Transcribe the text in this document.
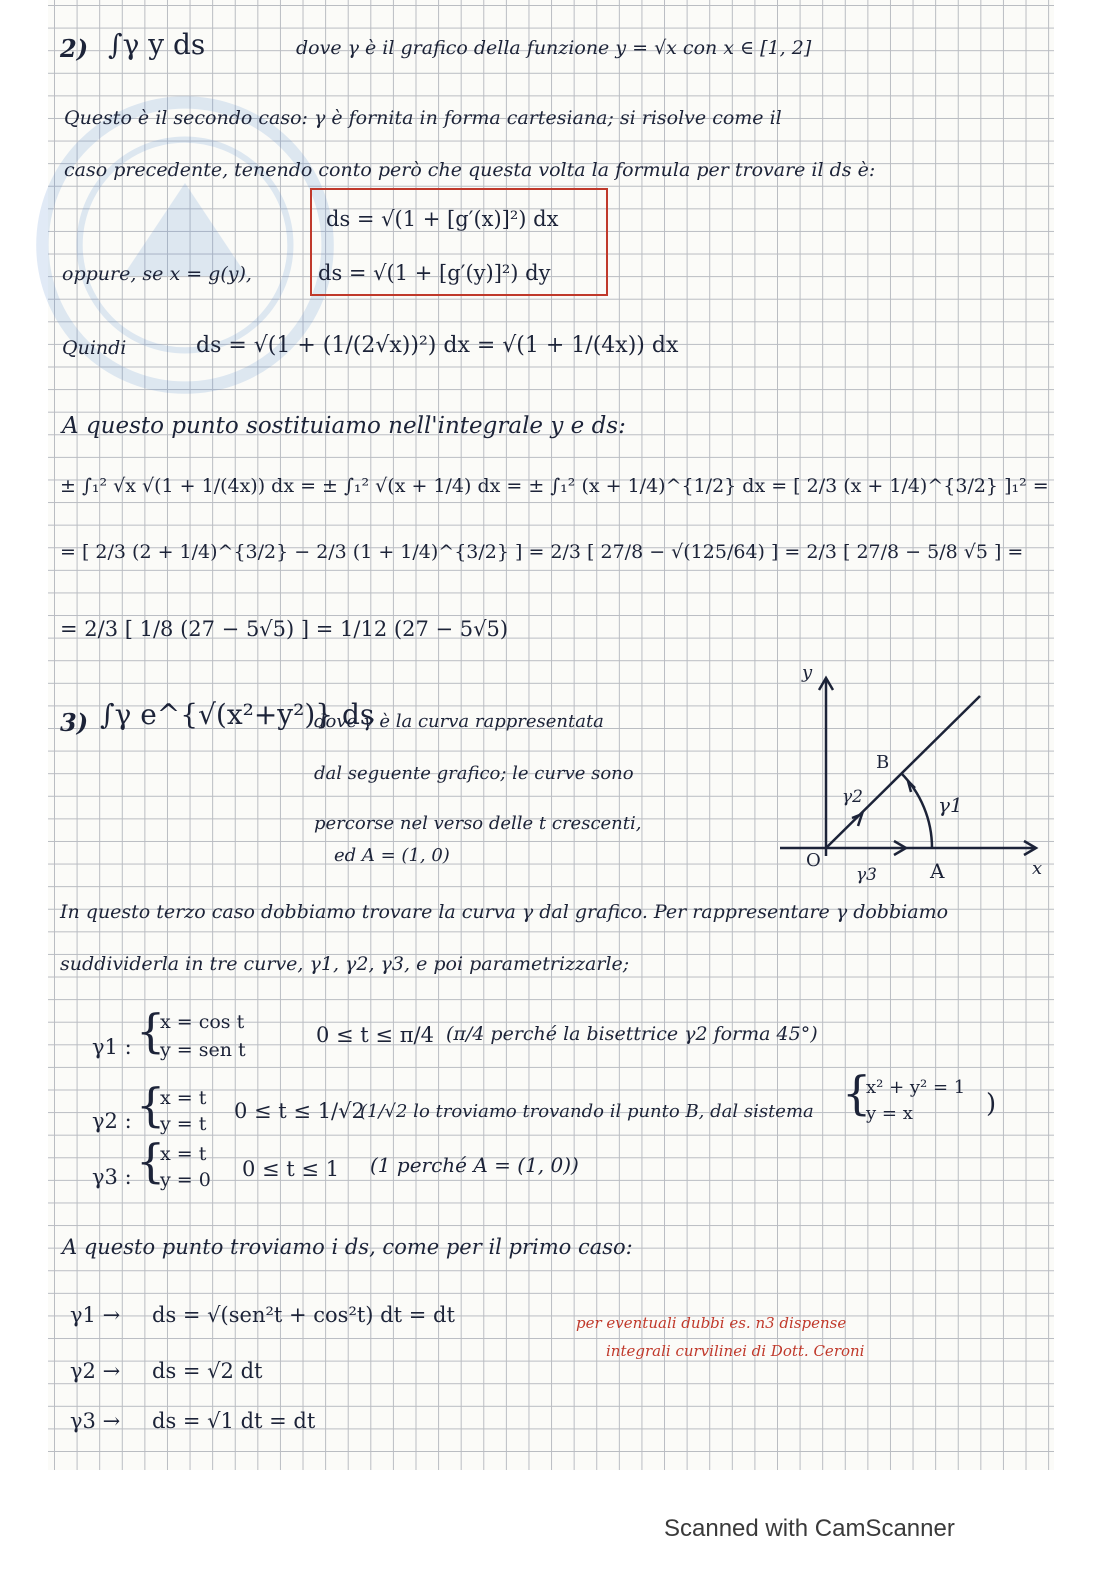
2) ∫γ y ds	dove γ è il grafico della funzione y = √x con x ∈ [1, 2]
Questo è il secondo caso: γ è fornita in forma cartesiana; si risolve come il
caso precedente, tenendo conto però che questa volta la formula per trovare il ds è:
ds = √(1 + [g′(x)]²) dx
oppure, se x = g(y),	ds = √(1 + [g′(y)]²) dy
Quindi	ds = √(1 + (1/(2√x))²) dx = √(1 + 1/(4x)) dx
A questo punto sostituiamo nell'integrale y e ds:
± ∫₁² √x √(1 + 1/(4x)) dx = ± ∫₁² √(x + 1/4) dx = ± ∫₁² (x + 1/4)^{1/2} dx = [ 2/3 (x + 1/4)^{3/2} ]₁² =
= [ 2/3 (2 + 1/4)^{3/2} − 2/3 (1 + 1/4)^{3/2} ] = 2/3 [ 27/8 − √(125/64) ] = 2/3 [ 27/8 − 5/8 √5 ] =
= 2/3 [ 1/8 (27 − 5√5) ] = 1/12 (27 − 5√5)
3) ∫γ e^{√(x²+y²)} ds
dove γ è la curva rappresentata
dal seguente grafico; le curve sono
percorse nel verso delle t crescenti,
ed A = (1, 0)
y
x
O	A
B
γ2	γ1
γ3
In questo terzo caso dobbiamo trovare la curva γ dal grafico. Per rappresentare γ dobbiamo
suddividerla in tre curve, γ1, γ2, γ3, e poi parametrizzarle;
γ1 : {
x = cos t
y = sen t
0 ≤ t ≤ π/4 (π/4 perché la bisettrice γ2 forma 45°)
γ2 : {
x = t
y = t
0 ≤ t ≤ 1/√2
(1/√2 lo troviamo trovando il punto B, dal sistema {
x² + y² = 1
y = x	)
γ3 : {
x = t
y = 0 0 ≤ t ≤ 1 (1 perché A = (1, 0))
A questo punto troviamo i ds, come per il primo caso:
γ1 → ds = √(sen²t + cos²t) dt = dt
γ2 → ds = √2 dt
γ3 → ds = √1 dt = dt
per eventuali dubbi es. n3 dispense
integrali curvilinei di Dott. Ceroni
Scanned with CamScanner
